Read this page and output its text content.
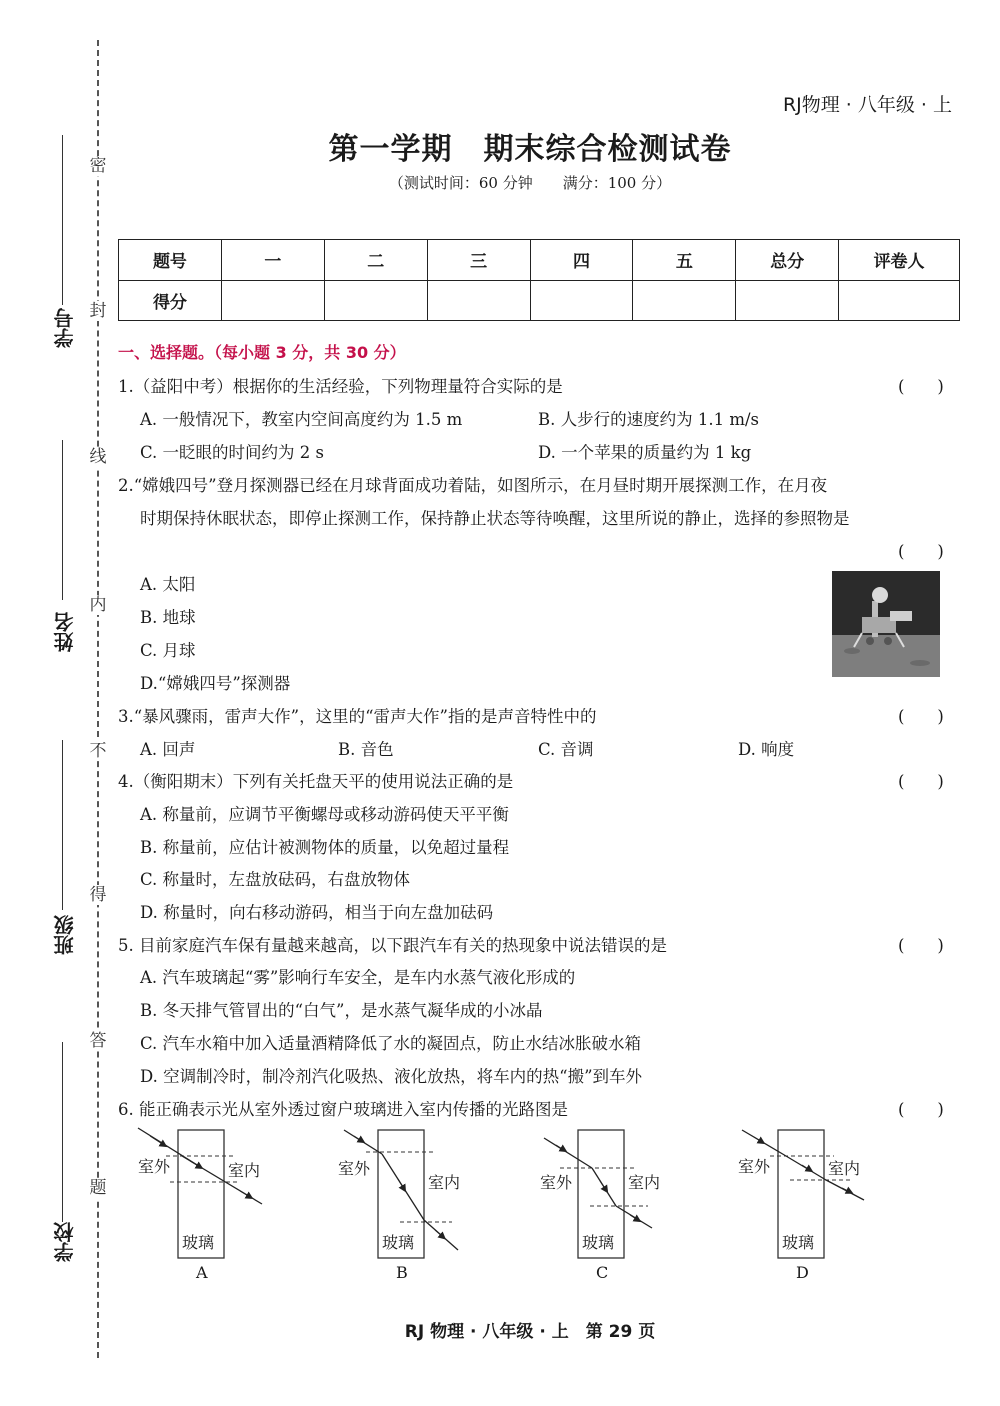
密
封
线
内
不
得
答
题
学号
姓名
班级
学校
RJ物理 · 八年级 · 上
第一学期　期末综合检测试卷
（测试时间：60 分钟　　满分：100 分）
题号	一	二	三	四	五	总分	评卷人
得分							
一、选择题。（每小题 3 分，共 30 分）
1.（益阳中考）根据你的生活经验，下列物理量符合实际的是	(　　)
A. 一般情况下，教室内空间高度约为 1.5 m	B. 人步行的速度约为 1.1 m/s
C. 一眨眼的时间约为 2 s	D. 一个苹果的质量约为 1 kg
2.“嫦娥四号”登月探测器已经在月球背面成功着陆，如图所示，在月昼时期开展探测工作，在月夜
时期保持休眠状态，即停止探测工作，保持静止状态等待唤醒，这里所说的静止，选择的参照物是
(　　)
A. 太阳
B. 地球
C. 月球
D.“嫦娥四号”探测器
3.“暴风骤雨，雷声大作”，这里的“雷声大作”指的是声音特性中的	(　　)
A. 回声	B. 音色	C. 音调	D. 响度
4.（衡阳期末）下列有关托盘天平的使用说法正确的是	(　　)
A. 称量前，应调节平衡螺母或移动游码使天平平衡
B. 称量前，应估计被测物体的质量，以免超过量程
C. 称量时，左盘放砝码，右盘放物体
D. 称量时，向右移动游码，相当于向左盘加砝码
5. 目前家庭汽车保有量越来越高，以下跟汽车有关的热现象中说法错误的是	(　　)
A. 汽车玻璃起“雾”影响行车安全，是车内水蒸气液化形成的
B. 冬天排气管冒出的“白气”，是水蒸气凝华成的小冰晶
C. 汽车水箱中加入适量酒精降低了水的凝固点，防止水结冰胀破水箱
D. 空调制冷时，制冷剂汽化吸热、液化放热，将车内的热“搬”到车外
6. 能正确表示光从室外透过窗户玻璃进入室内传播的光路图是	(　　)
室外	室内
玻璃
A
室外
室内
玻璃
B
室外	室内
玻璃
C
室外	室内
玻璃
D
RJ 物理 · 八年级 · 上　第 29 页
